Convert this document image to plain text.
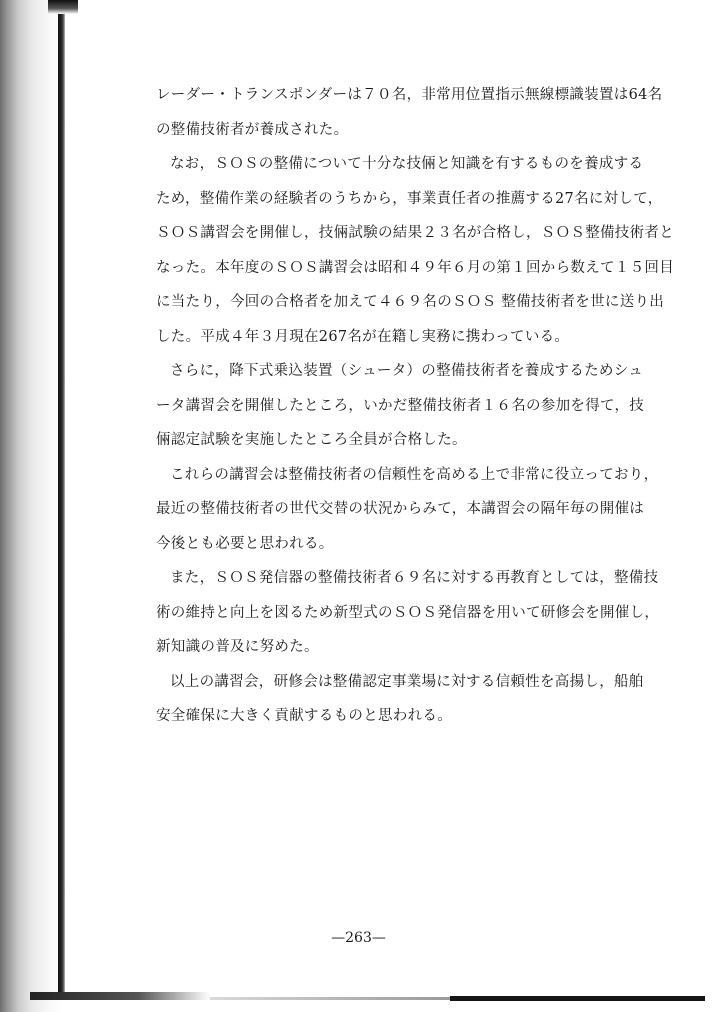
レーダー・トランスポンダーは７０名，非常用位置指示無線標識装置は64名
の整備技術者が養成された。
なお，ＳＯＳの整備について十分な技倆と知識を有するものを養成する
ため，整備作業の経験者のうちから，事業責任者の推薦する27名に対して，
ＳＯＳ講習会を開催し，技倆試験の結果２３名が合格し，ＳＯＳ整備技術者と
なった。本年度のＳＯＳ講習会は昭和４９年６月の第１回から数えて１５回目
に当たり，今回の合格者を加えて４６９名のＳＯＳ 整備技術者を世に送り出
した。平成４年３月現在267名が在籍し実務に携わっている。
さらに，降下式乗込装置（シュータ）の整備技術者を養成するためシュ
ータ講習会を開催したところ，いかだ整備技術者１６名の参加を得て，技
倆認定試験を実施したところ全員が合格した。
これらの講習会は整備技術者の信頼性を高める上で非常に役立っており，
最近の整備技術者の世代交替の状況からみて，本講習会の隔年毎の開催は
今後とも必要と思われる。
また，ＳＯＳ発信器の整備技術者６９名に対する再教育としては，整備技
術の維持と向上を図るため新型式のＳＯＳ発信器を用いて研修会を開催し，
新知識の普及に努めた。
以上の講習会，研修会は整備認定事業場に対する信頼性を高揚し，船舶
安全確保に大きく貢献するものと思われる。
—263—
